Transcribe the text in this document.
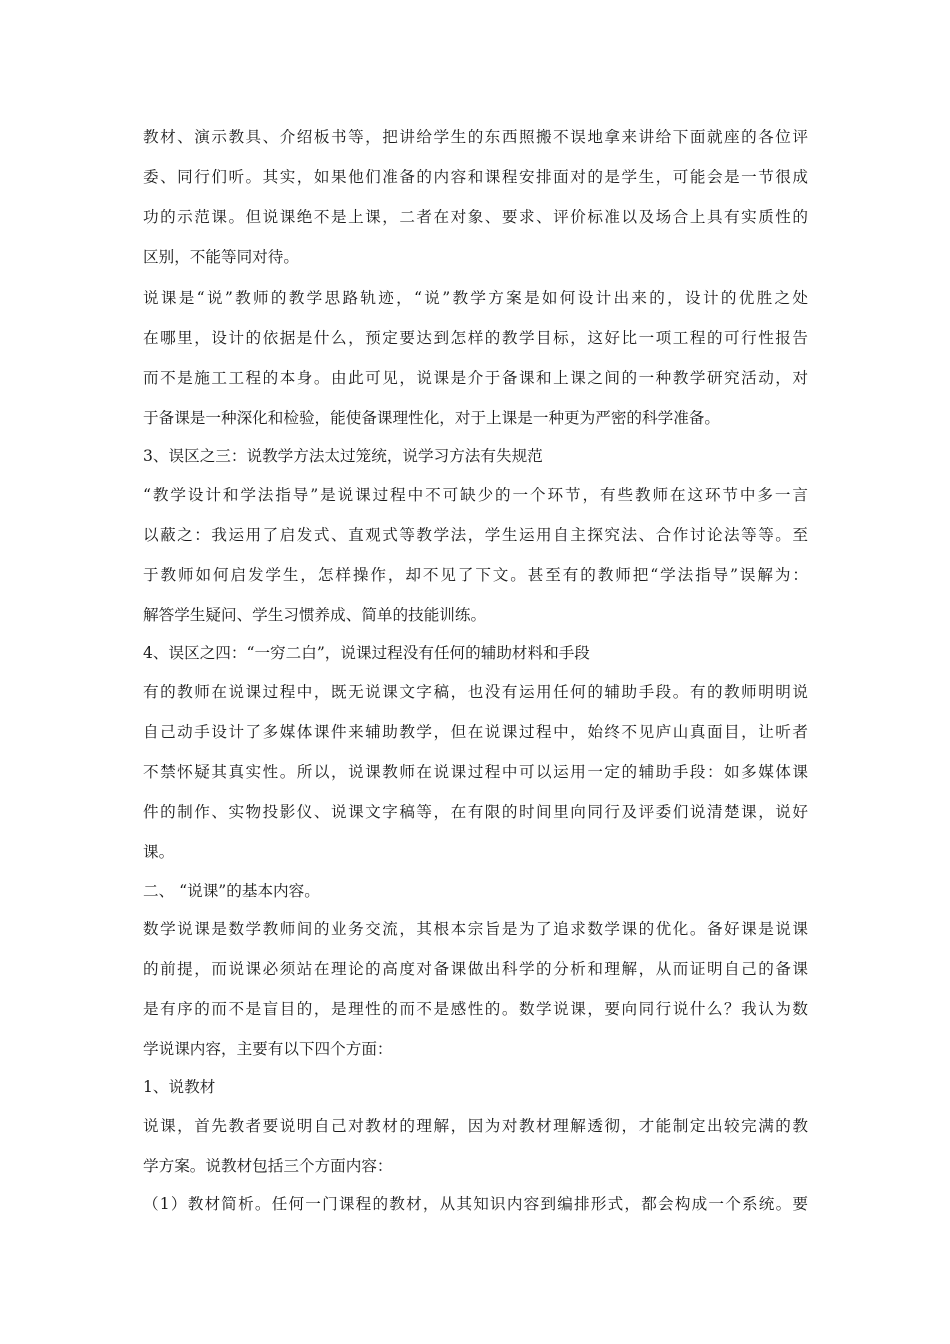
教材、演示教具、介绍板书等，把讲给学生的东西照搬不误地拿来讲给下面就座的各位评
委、同行们听。其实，如果他们准备的内容和课程安排面对的是学生，可能会是一节很成
功的示范课。但说课绝不是上课，二者在对象、要求、评价标准以及场合上具有实质性的
区别，不能等同对待。
说课是“说”教师的教学思路轨迹，“说”教学方案是如何设计出来的，设计的优胜之处
在哪里，设计的依据是什么，预定要达到怎样的教学目标，这好比一项工程的可行性报告
而不是施工工程的本身。由此可见，说课是介于备课和上课之间的一种教学研究活动，对
于备课是一种深化和检验，能使备课理性化，对于上课是一种更为严密的科学准备。
3、误区之三：说教学方法太过笼统，说学习方法有失规范
“教学设计和学法指导”是说课过程中不可缺少的一个环节，有些教师在这环节中多一言
以蔽之：我运用了启发式、直观式等教学法，学生运用自主探究法、合作讨论法等等。至
于教师如何启发学生，怎样操作，却不见了下文。甚至有的教师把“学法指导”误解为：
解答学生疑问、学生习惯养成、简单的技能训练。
4、误区之四：“一穷二白”，说课过程没有任何的辅助材料和手段
有的教师在说课过程中，既无说课文字稿，也没有运用任何的辅助手段。有的教师明明说
自己动手设计了多媒体课件来辅助教学，但在说课过程中，始终不见庐山真面目，让听者
不禁怀疑其真实性。所以，说课教师在说课过程中可以运用一定的辅助手段：如多媒体课
件的制作、实物投影仪、说课文字稿等，在有限的时间里向同行及评委们说清楚课，说好
课。
二、 “说课”的基本内容。
数学说课是数学教师间的业务交流，其根本宗旨是为了追求数学课的优化。备好课是说课
的前提，而说课必须站在理论的高度对备课做出科学的分析和理解，从而证明自己的备课
是有序的而不是盲目的，是理性的而不是感性的。数学说课，要向同行说什么？我认为数
学说课内容，主要有以下四个方面：
1、说教材
说课，首先教者要说明自己对教材的理解，因为对教材理解透彻，才能制定出较完满的教
学方案。说教材包括三个方面内容：
（1）教材简析。任何一门课程的教材，从其知识内容到编排形式，都会构成一个系统。要
